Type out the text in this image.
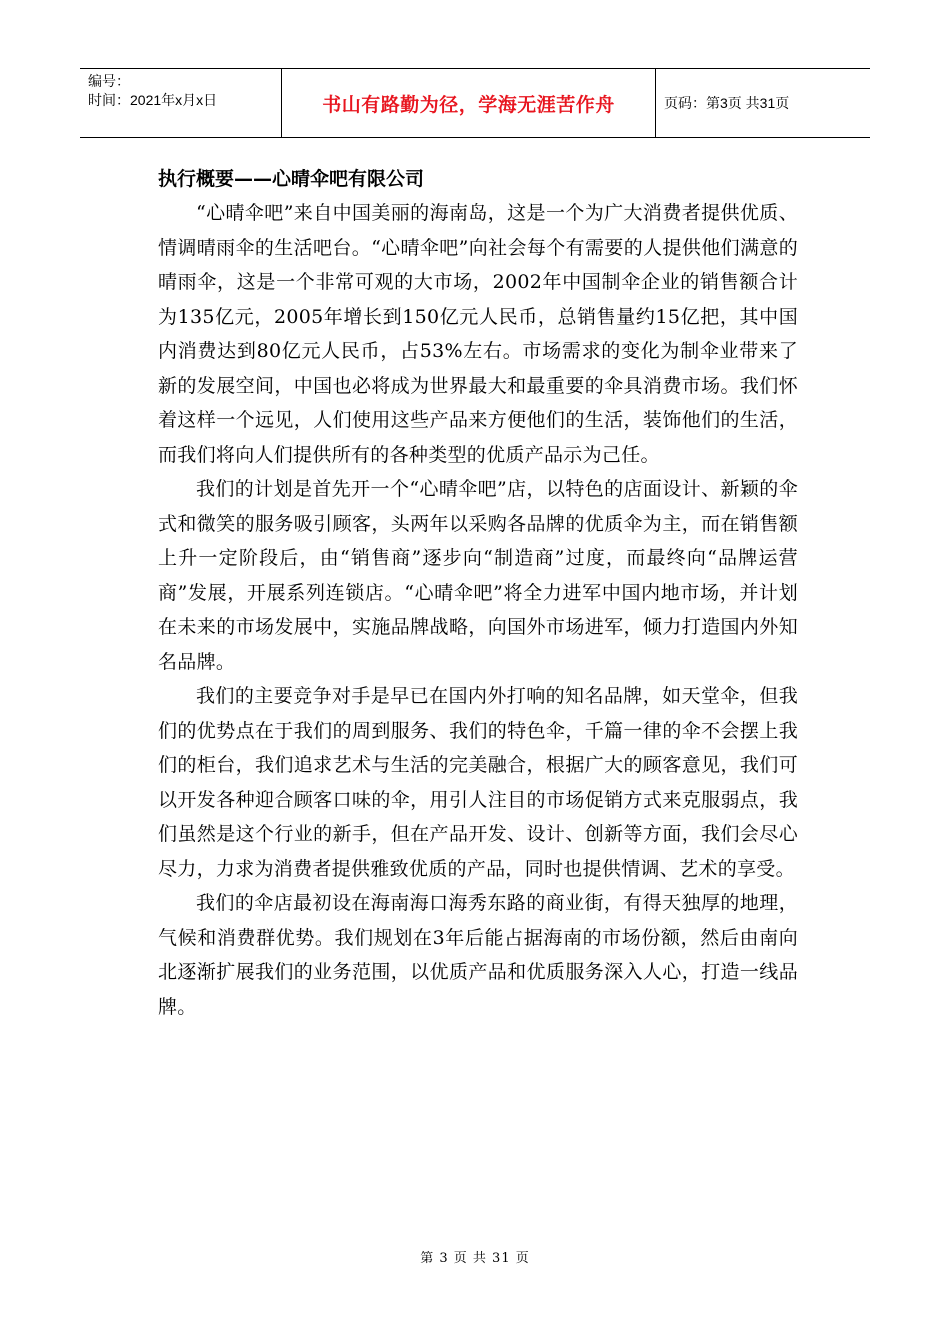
编号：
时间：2021年x月x日	书山有路勤为径，学海无涯苦作舟	页码：第3页 共31页
执行概要——心晴伞吧有限公司

“心晴伞吧”来自中国美丽的海南岛，这是一个为广大消费者提供优质、情调晴雨伞的生活吧台。“心晴伞吧”向社会每个有需要的人提供他们满意的晴雨伞，这是一个非常可观的大市场，2002年中国制伞企业的销售额合计为135亿元，2005年增长到150亿元人民币，总销售量约15亿把，其中国内消费达到80亿元人民币，占53%左右。市场需求的变化为制伞业带来了新的发展空间，中国也必将成为世界最大和最重要的伞具消费市场。我们怀着这样一个远见，人们使用这些产品来方便他们的生活，装饰他们的生活，而我们将向人们提供所有的各种类型的优质产品示为己任。

我们的计划是首先开一个“心晴伞吧”店，以特色的店面设计、新颖的伞式和微笑的服务吸引顾客，头两年以采购各品牌的优质伞为主，而在销售额上升一定阶段后，由“销售商”逐步向“制造商”过度，而最终向“品牌运营商”发展，开展系列连锁店。“心晴伞吧”将全力进军中国内地市场，并计划在未来的市场发展中，实施品牌战略，向国外市场进军，倾力打造国内外知名品牌。

我们的主要竞争对手是早已在国内外打响的知名品牌，如天堂伞，但我们的优势点在于我们的周到服务、我们的特色伞，千篇一律的伞不会摆上我们的柜台，我们追求艺术与生活的完美融合，根据广大的顾客意见，我们可以开发各种迎合顾客口味的伞，用引人注目的市场促销方式来克服弱点，我们虽然是这个行业的新手，但在产品开发、设计、创新等方面，我们会尽心尽力，力求为消费者提供雅致优质的产品，同时也提供情调、艺术的享受。

我们的伞店最初设在海南海口海秀东路的商业街，有得天独厚的地理，气候和消费群优势。我们规划在3年后能占据海南的市场份额，然后由南向北逐渐扩展我们的业务范围，以优质产品和优质服务深入人心，打造一线品牌。

第 3 页 共 31 页
